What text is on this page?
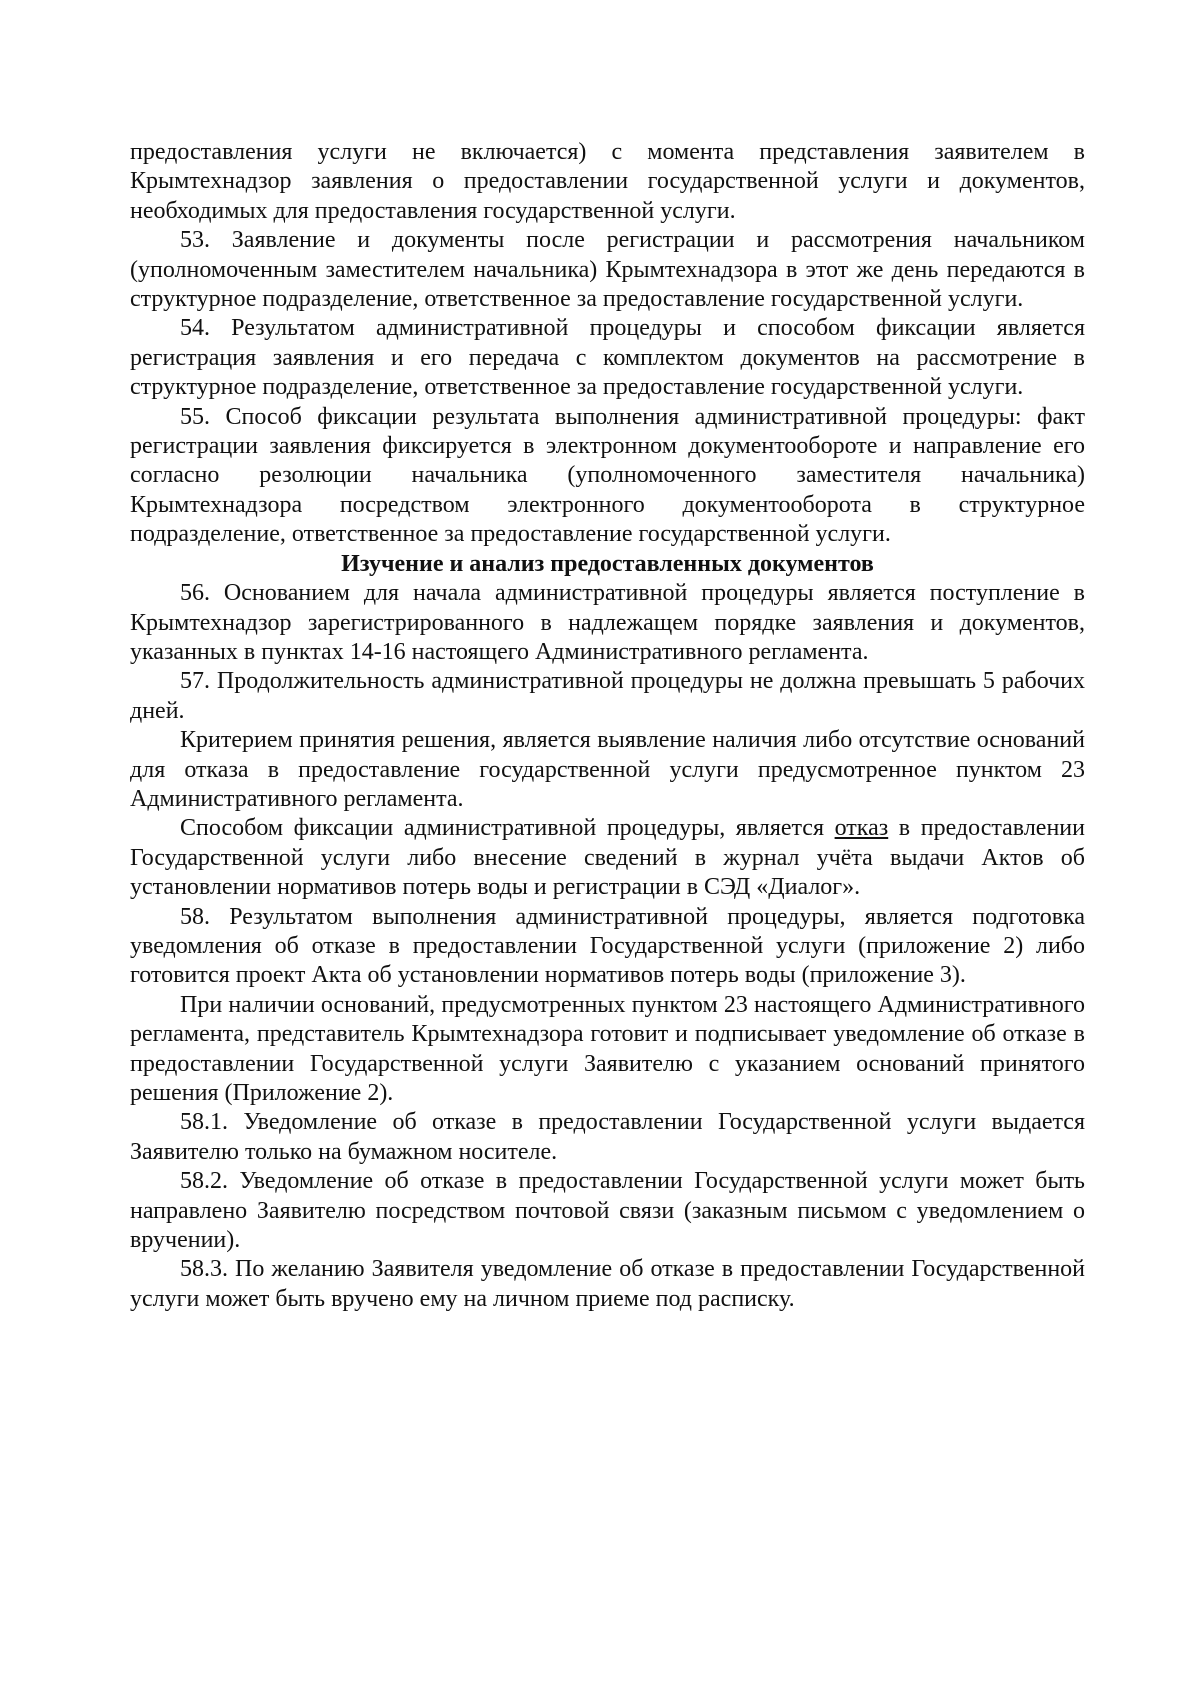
предоставления услуги не включается) с момента представления заявителем в Крымтехнадзор заявления о предоставлении государственной услуги и документов, необходимых для предоставления государственной услуги.

53. Заявление и документы после регистрации и рассмотрения начальником (уполномоченным заместителем начальника) Крымтехнадзора в этот же день передаются в структурное подразделение, ответственное за предоставление государственной услуги.

54. Результатом административной процедуры и способом фиксации является регистрация заявления и его передача с комплектом документов на рассмотрение в структурное подразделение, ответственное за предоставление государственной услуги.

55. Способ фиксации результата выполнения административной процедуры: факт регистрации заявления фиксируется в электронном документообороте и направление его согласно резолюции начальника (уполномоченного заместителя начальника) Крымтехнадзора посредством электронного документооборота в структурное подразделение, ответственное за предоставление государственной услуги.

Изучение и анализ предоставленных документов

56. Основанием для начала административной процедуры является поступление в Крымтехнадзор зарегистрированного в надлежащем порядке заявления и документов, указанных в пунктах 14-16 настоящего Административного регламента.

57. Продолжительность административной процедуры не должна превышать 5 рабочих дней.

Критерием принятия решения, является выявление наличия либо отсутствие оснований для отказа в предоставление государственной услуги предусмотренное пунктом 23 Административного регламента.

Способом фиксации административной процедуры, является отказ в предоставлении Государственной услуги либо внесение сведений в журнал учёта выдачи Актов об установлении нормативов потерь воды и регистрации в СЭД «Диалог».

58. Результатом выполнения административной процедуры, является подготовка уведомления об отказе в предоставлении Государственной услуги (приложение 2) либо готовится проект Акта об установлении нормативов потерь воды (приложение 3).

При наличии оснований, предусмотренных пунктом 23 настоящего Административного регламента, представитель Крымтехнадзора готовит и подписывает уведомление об отказе в предоставлении Государственной услуги Заявителю с указанием оснований принятого решения (Приложение 2).

58.1. Уведомление об отказе в предоставлении Государственной услуги выдается Заявителю только на бумажном носителе.

58.2. Уведомление об отказе в предоставлении Государственной услуги может быть направлено Заявителю посредством почтовой связи (заказным письмом с уведомлением о вручении).

58.3. По желанию Заявителя уведомление об отказе в предоставлении Государственной услуги может быть вручено ему на личном приеме под расписку.
